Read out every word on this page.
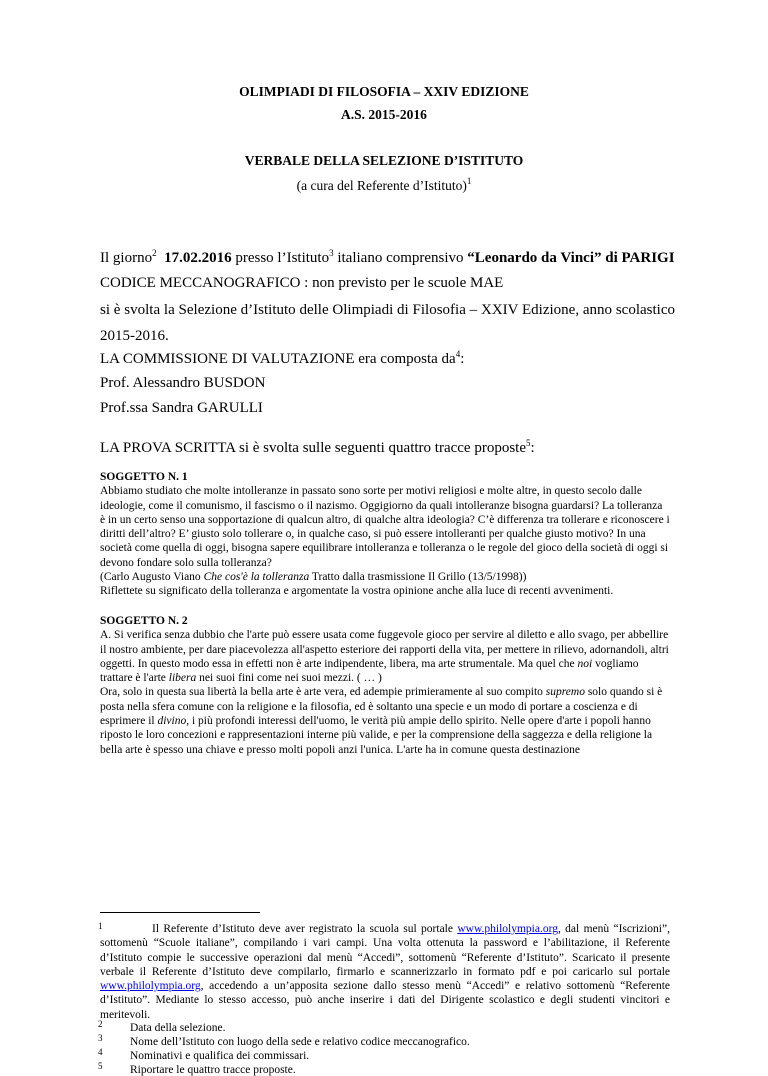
OLIMPIADI DI FILOSOFIA – XXIV EDIZIONE
A.S. 2015-2016
VERBALE DELLA SELEZIONE D’ISTITUTO
(a cura del Referente d’Istituto)$^1$
Il giorno$^2$ 17.02.2016 presso l’Istituto$^3$ italiano comprensivo “Leonardo da Vinci” di PARIGI
CODICE MECCANOGRAFICO : non previsto per le scuole MAE
si è svolta la Selezione d’Istituto delle Olimpiadi di Filosofia – XXIV Edizione, anno scolastico
2015-2016.
LA COMMISSIONE DI VALUTAZIONE era composta $da^4$:
Prof. Alessandro BUSDON
Prof.ssa Sandra GARULLI
LA PROVA SCRITTA si è svolta sulle seguenti quattro tracce proposte$^5$:

SOGGETTO N. 1

Abbiamo studiato che molte intolleranze in passato sono sorte per motivi religiosi e molte altre, in questo secolo dalle ideologie, come il comunismo, il fascismo o il nazismo. Oggigiorno da quali intolleranze bisogna guardarsi? La tolleranza è in un certo senso una sopportazione di qualcun altro, di qualche altra ideologia? C’è differenza tra tollerare e riconoscere i diritti dell’altro? E’ giusto solo tollerare o, in qualche caso, si può essere intolleranti per qualche giusto motivo? In una società come quella di oggi, bisogna sapere equilibrare intolleranza e tolleranza o le regole del gioco della società di oggi si devono fondare solo sulla tolleranza?

(Carlo Augusto Viano Che cos'è la tolleranza Tratto dalla trasmissione Il Grillo (13/5/1998))

Riflettete su significato della tolleranza e argomentate la vostra opinione anche alla luce di recenti avvenimenti.

SOGGETTO N. 2

A. Si verifica senza dubbio che l'arte può essere usata come fuggevole gioco per servire al diletto e allo svago, per abbellire il nostro ambiente, per dare piacevolezza all'aspetto esteriore dei rapporti della vita, per mettere in rilievo, adornandoli, altri oggetti. In questo modo essa in effetti non è arte indipendente, libera, ma arte strumentale. Ma quel che noi vogliamo trattare è l'arte libera nei suoi fini come nei suoi mezzi. ( … )

Ora, solo in questa sua libertà la bella arte è arte vera, ed adempie primieramente al suo compito supremo solo quando si è posta nella sfera comune con la religione e la filosofia, ed è soltanto una specie e un modo di portare a coscienza e di esprimere il divino, i più profondi interessi dell'uomo, le verità più ampie dello spirito. Nelle opere d'arte i popoli hanno riposto le loro concezioni e rappresentazioni interne più valide, e per la comprensione della saggezza e della religione la bella arte è spesso una chiave e presso molti popoli anzi l'unica. L'arte ha in comune questa destinazione

1	Il Referente d’Istituto deve aver registrato la scuola sul portale www.philolympia.org, dal menù “Iscrizioni”, sottomenù “Scuole italiane”, compilando i vari campi. Una volta ottenuta la password e l’abilitazione, il Referente d’Istituto compie le successive operazioni dal menù “Accedi”, sottomenù “Referente d’Istituto”. Scaricato il presente verbale il Referente d’Istituto deve compilarlo, firmarlo e scannerizzarlo in formato pdf e poi caricarlo sul portale www.philolympia.org, accedendo a un’apposita sezione dallo stesso menù “Accedi” e relativo sottomenù “Referente d’Istituto”. Mediante lo stesso accesso, può anche inserire i dati del Dirigente scolastico e degli studenti vincitori e meritevoli.
2 Data della selezione.
3 Nome dell’Istituto con luogo della sede e relativo codice meccanografico.
4 Nominativi e qualifica dei commissari.
5 Riportare le quattro tracce proposte.
